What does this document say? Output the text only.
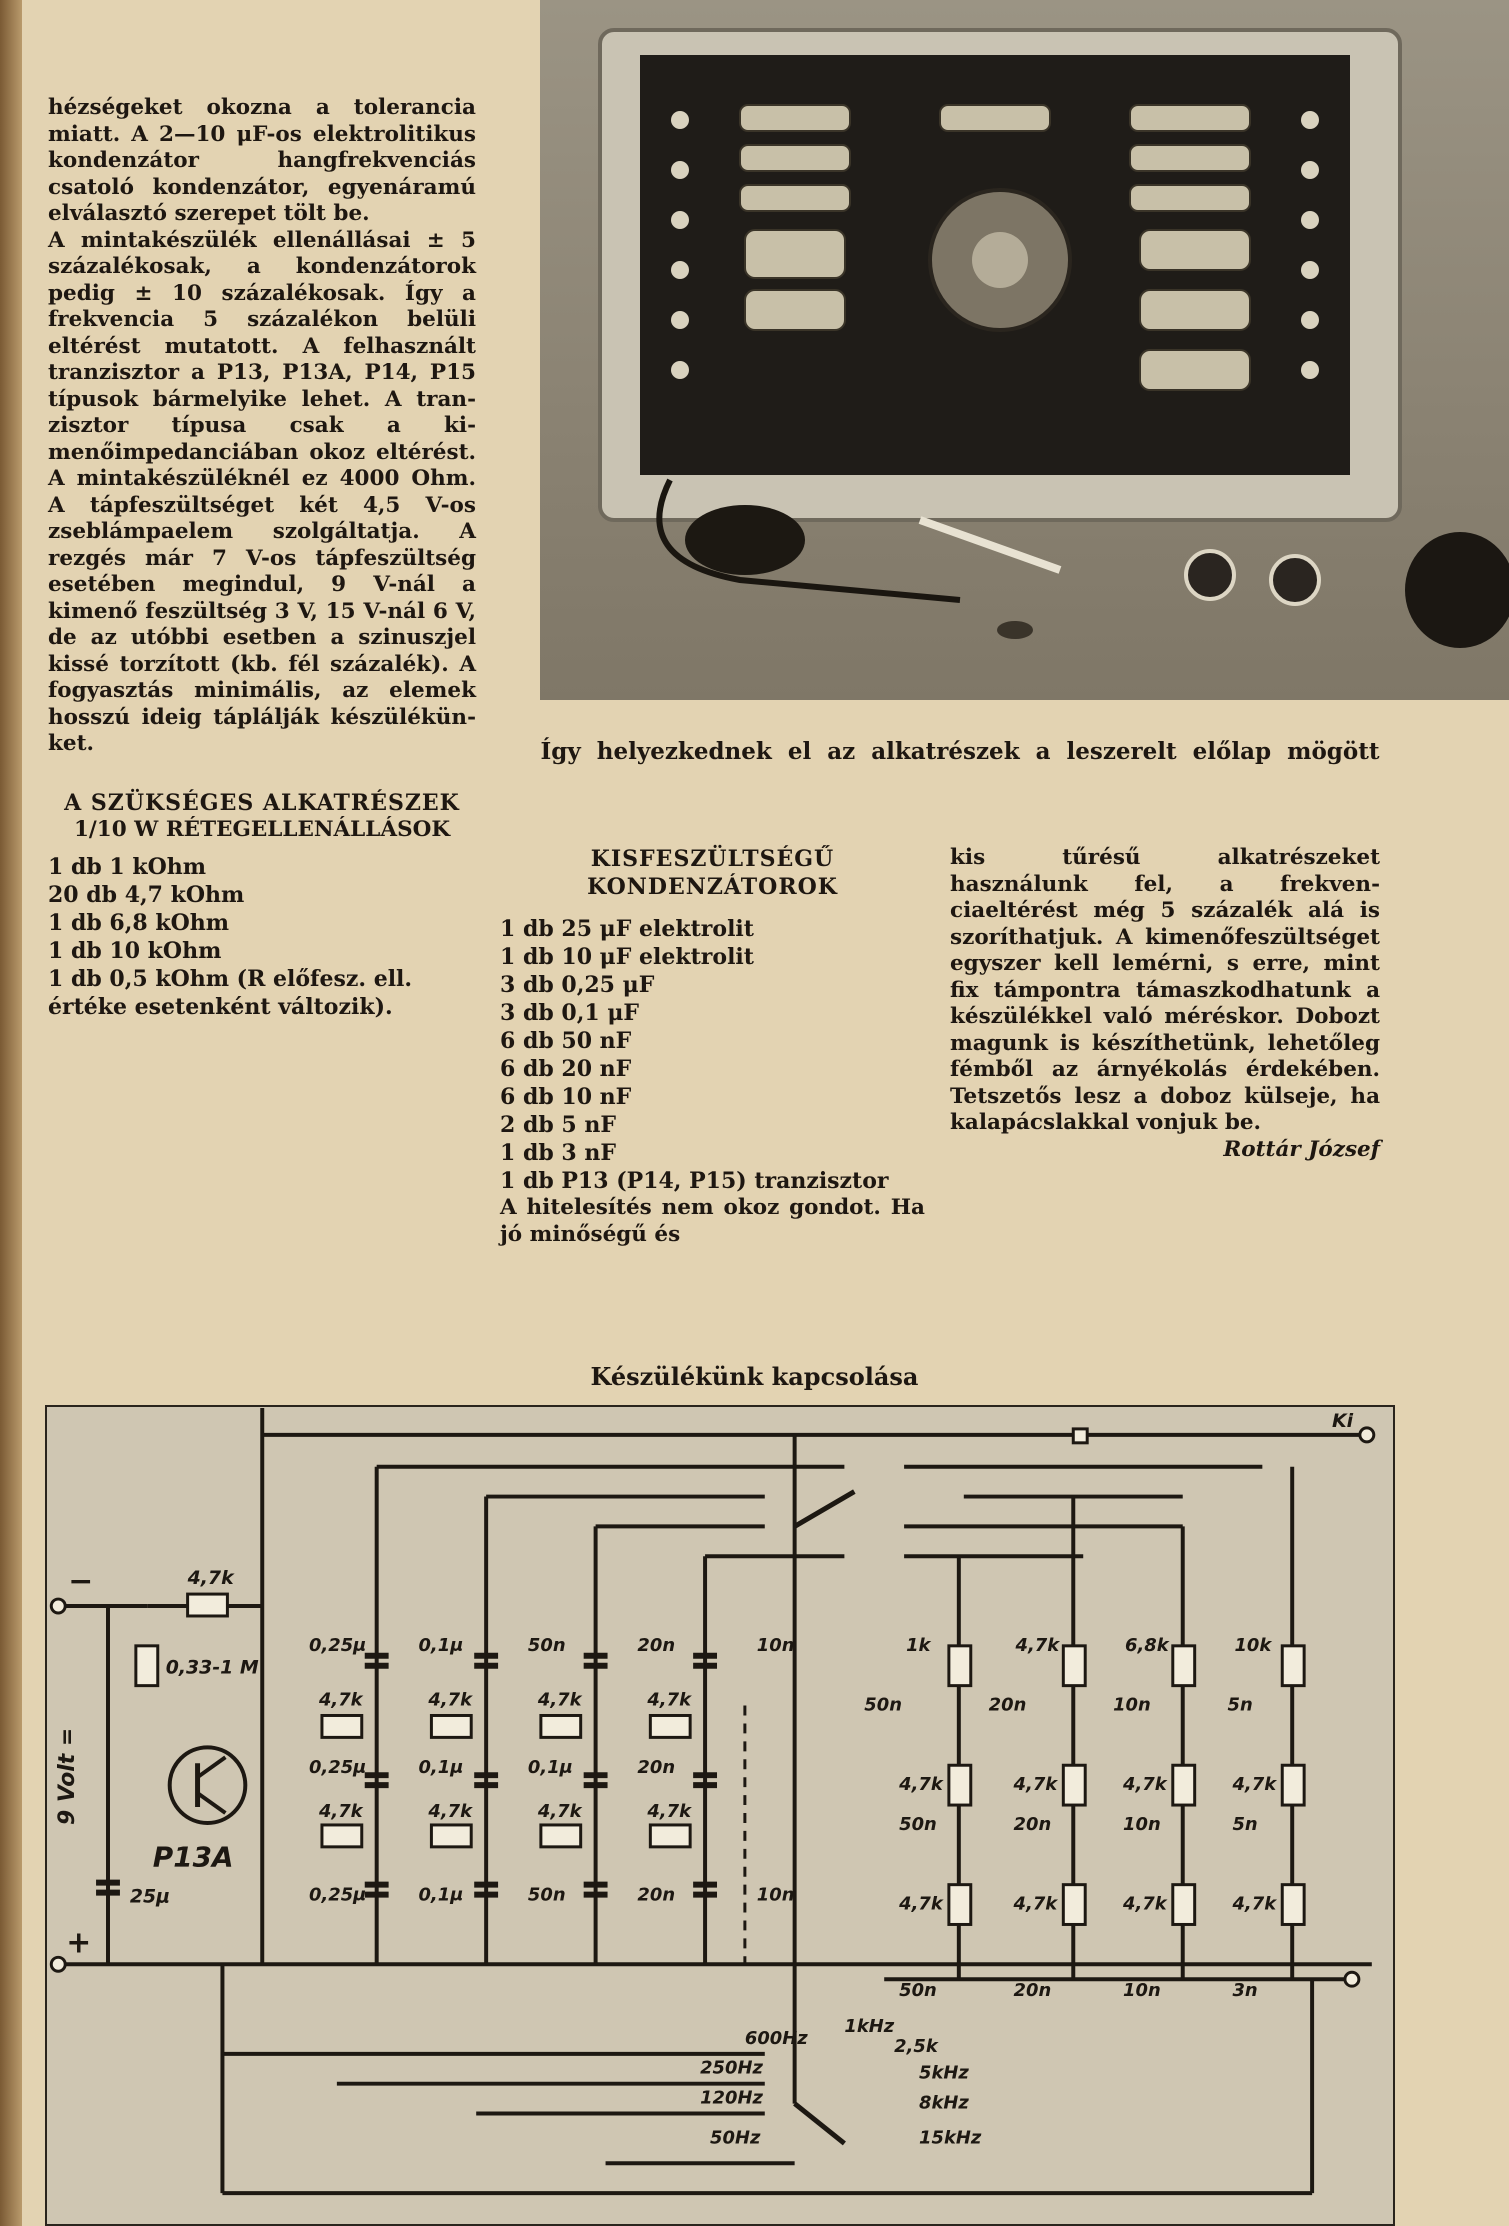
hézségeket okozna a tolerancia miatt. A 2—10 μF-os elektrolitikus kondenzátor hangfrekvenciás csatoló kondenzátor, egyenáramú elválasztó szerepet tölt be.

A mintakészülék ellenállásai ± 5 százalékosak, a kondenzátorok pedig ± 10 százalékosak. Így a frekvencia 5 százalékon belüli eltérést mutatott. A felhasznált tranzisztor a P13, P13A, P14, P15 típusok bármelyike lehet. A tranzisztor típusa csak a kimenőimpedanciában okoz eltérést. A mintakészüléknél ez 4000 Ohm. A tápfeszültséget két 4,5 V-os zseblámpaelem szolgáltatja. A rezgés már 7 V-os tápfeszültség esetében megindul, 9 V-nál a kimenő feszültség 3 V, 15 V-nál 6 V, de az utóbbi esetben a szinuszjel kissé torzított (kb. fél százalék). A fogyasztás minimális, az elemek hosszú ideig táplálják készülékünket.

A SZÜKSÉGES ALKATRÉSZEK
1/10 W RÉTEGELLENÁLLÁSOK
1 db 1 kOhm
20 db 4,7 kOhm
1 db 6,8 kOhm
1 db 10 kOhm
1 db 0,5 kOhm (R előfesz. ell. értéke esetenként változik).
Így helyezkednek el az alkatrészek a leszerelt előlap mögött
KISFESZÜLTSÉGŰ KONDENZÁTOROK
1 db 25 μF elektrolit
1 db 10 μF elektrolit
3 db 0,25 μF
3 db 0,1 μF
6 db 50 nF
6 db 20 nF
6 db 10 nF
2 db 5 nF
1 db 3 nF
1 db P13 (P14, P15) tranzisztor

A hitelesítés nem okoz gondot. Ha jó minőségű és

kis tűrésű alkatrészeket használunk fel, a frekvenciaeltérést még 5 százalék alá is szoríthatjuk. A kimenőfeszültséget egyszer kell lemérni, s erre, mint fix támpontra támaszkodhatunk a készülékkel való méréskor. Dobozt magunk is készíthetünk, lehetőleg fémből az árnyékolás érdekében. Tetszetős lesz a doboz külseje, ha kalapácslakkal vonjuk be.

Rottár József

Készülékünk kapcsolása
4,7k
0,33-1 M
P13A
25μ
−
+
Ki
9 Volt =
0,25μ	0,1μ	50n	20n	10n
4,7k	4,7k	4,7k	4,7k
0,25μ	0,1μ	0,1μ	20n
4,7k	4,7k	4,7k	4,7k
0,25μ	0,1μ	50n	20n	10n
1k	4,7k	6,8k	10k
50n	20n	10n	5n
4,7k	4,7k	4,7k	4,7k
50n	20n	10n	5n
4,7k	4,7k	4,7k	4,7k
50n	20n	10n	3n
600Hz
250Hz
120Hz
50Hz
1kHz
2,5k
5kHz
8kHz
15kHz
